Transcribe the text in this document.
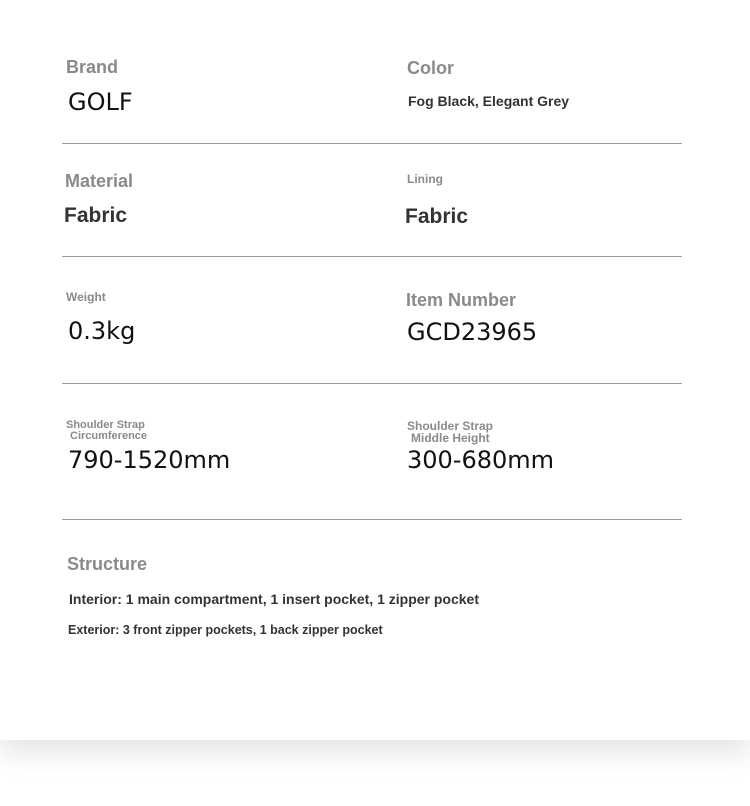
Brand
GOLF
Color
Fog Black, Elegant Grey
Material
Fabric
Lining
Fabric
Weight
0.3kg
Item Number
GCD23965
Shoulder Strap
Circumference
790-1520mm
Shoulder Strap
Middle Height
300-680mm
Structure
Interior: 1 main compartment, 1 insert pocket, 1 zipper pocket
Exterior: 3 front zipper pockets, 1 back zipper pocket
